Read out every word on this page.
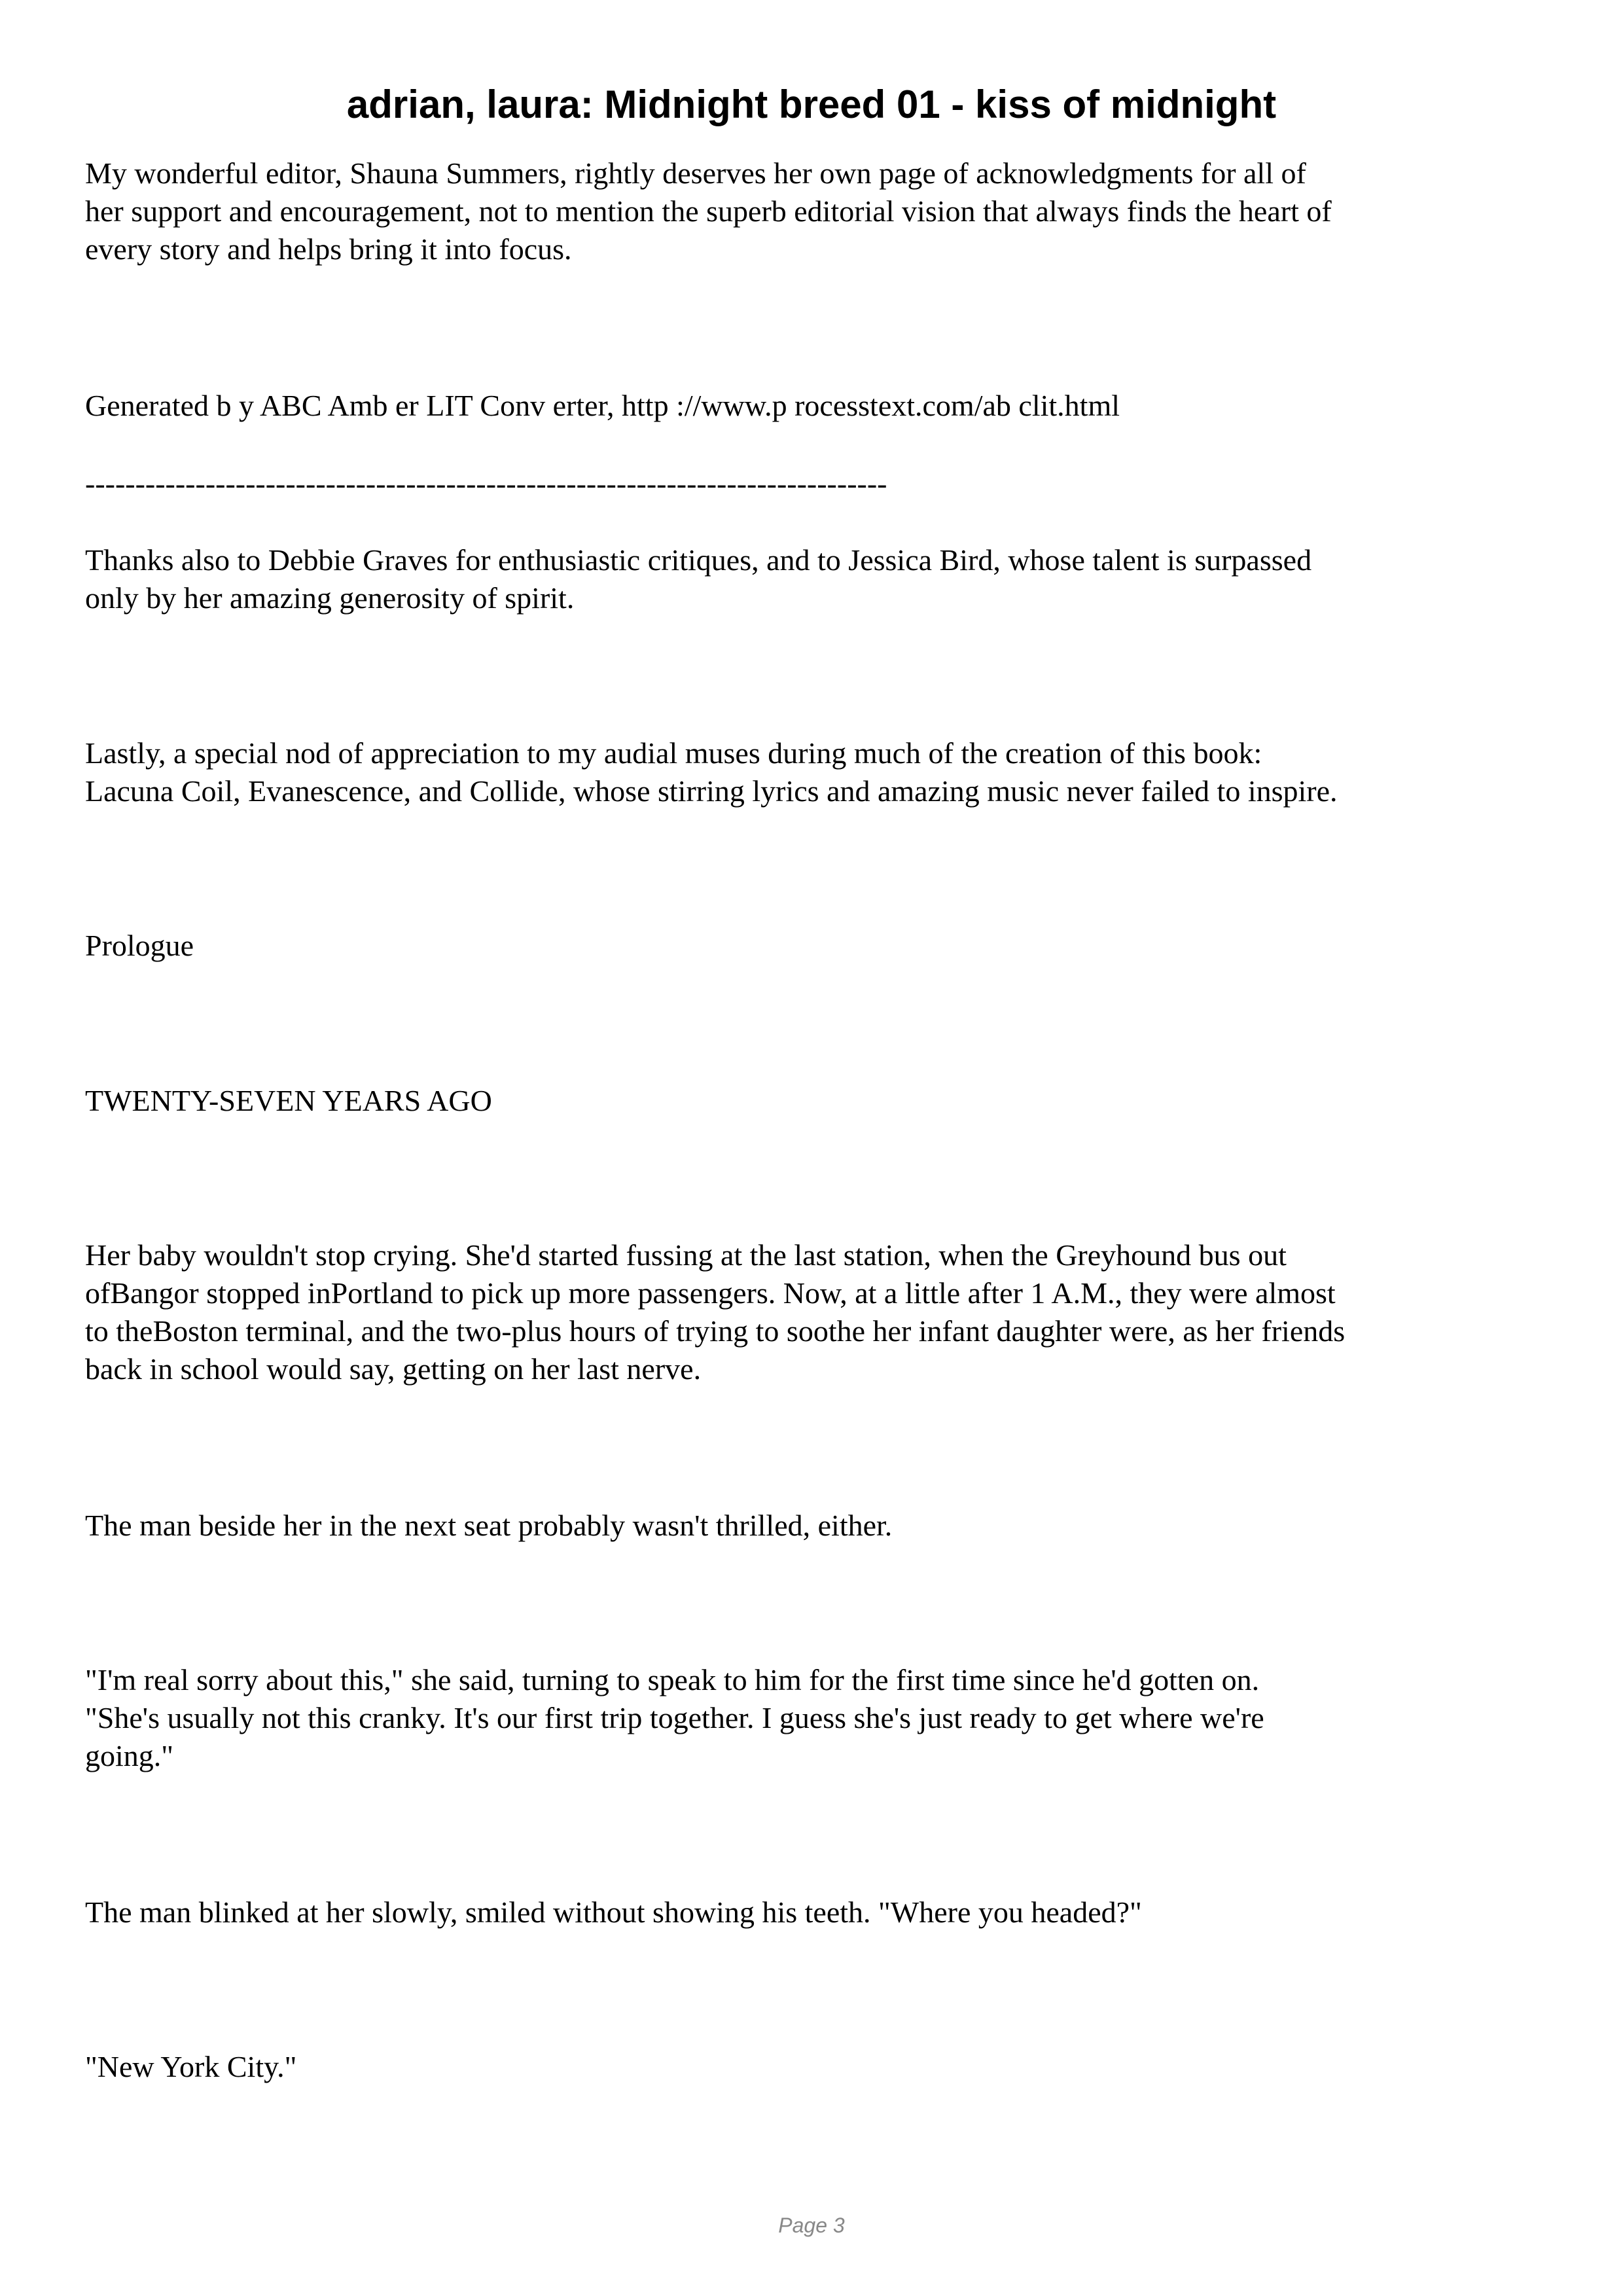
adrian, laura: Midnight breed 01 - kiss of midnight

My wonderful editor, Shauna Summers, rightly deserves her own page of acknowledgments for all of
her support and encouragement, not to mention the superb editorial vision that always finds the heart of
every story and helps bring it into focus.

Generated b y ABC Amb er LIT Conv erter, http ://www.p rocesstext.com/ab clit.html

--------------------------------------------------------------------------------

Thanks also to Debbie Graves for enthusiastic critiques, and to Jessica Bird, whose talent is surpassed
only by her amazing generosity of spirit.

Lastly, a special nod of appreciation to my audial muses during much of the creation of this book:
Lacuna Coil, Evanescence, and Collide, whose stirring lyrics and amazing music never failed to inspire.

Prologue

TWENTY-SEVEN YEARS AGO

Her baby wouldn't stop crying. She'd started fussing at the last station, when the Greyhound bus out
ofBangor stopped inPortland to pick up more passengers. Now, at a little after 1 A.M., they were almost
to theBoston terminal, and the two-plus hours of trying to soothe her infant daughter were, as her friends
back in school would say, getting on her last nerve.

The man beside her in the next seat probably wasn't thrilled, either.

"I'm real sorry about this," she said, turning to speak to him for the first time since he'd gotten on.
"She's usually not this cranky. It's our first trip together. I guess she's just ready to get where we're
going."

The man blinked at her slowly, smiled without showing his teeth. "Where you headed?"

"New York City."

Page 3
